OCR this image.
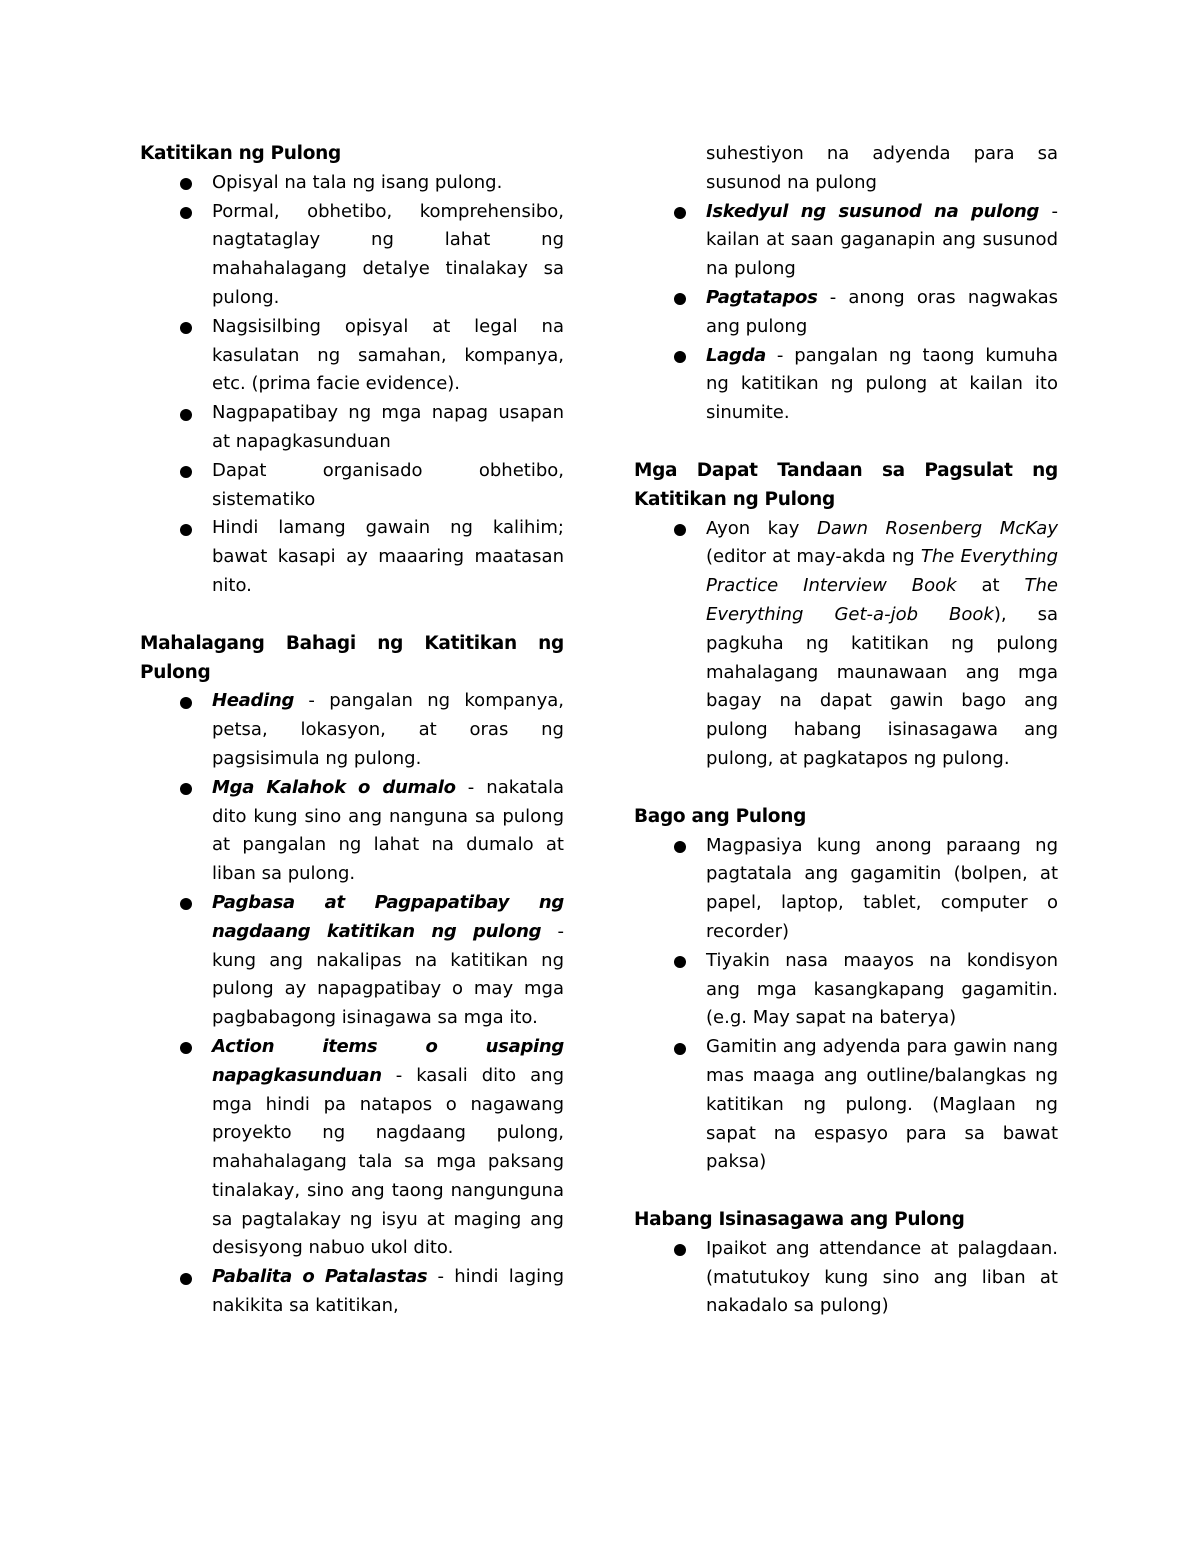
Katitikan ng Pulong
Opisyal na tala ng isang pulong.
Pormal, obhetibo, komprehensibo, nagtataglay ng lahat ng mahahalagang detalye tinalakay sa pulong.
Nagsisilbing opisyal at legal na kasulatan ng samahan, kompanya, etc. (prima facie evidence).
Nagpapatibay ng mga napag usapan at napagkasunduan
Dapat organisado obhetibo, sistematiko
Hindi lamang gawain ng kalihim; bawat kasapi ay maaaring maatasan nito.
Mahalagang Bahagi ng Katitikan ng Pulong
Heading - pangalan ng kompanya, petsa, lokasyon, at oras ng pagsisimula ng pulong.
Mga Kalahok o dumalo - nakatala dito kung sino ang nanguna sa pulong at pangalan ng lahat na dumalo at liban sa pulong.
Pagbasa at Pagpapatibay ng nagdaang katitikan ng pulong - kung ang nakalipas na katitikan ng pulong ay napagpatibay o may mga pagbabagong isinagawa sa mga ito.
Action items o usaping napagkasunduan - kasali dito ang mga hindi pa natapos o nagawang proyekto ng nagdaang pulong, mahahalagang tala sa mga paksang tinalakay, sino ang taong nangunguna sa pagtalakay ng isyu at maging ang desisyong nabuo ukol dito.
Pabalita o Patalastas - hindi laging nakikita sa katitikan,
suhestiyon na adyenda para sa susunod na pulong
Iskedyul ng susunod na pulong - kailan at saan gaganapin ang susunod na pulong
Pagtatapos - anong oras nagwakas ang pulong
Lagda - pangalan ng taong kumuha ng katitikan ng pulong at kailan ito sinumite.
Mga Dapat Tandaan sa Pagsulat ng Katitikan ng Pulong
Ayon kay Dawn Rosenberg McKay (editor at may-akda ng The Everything Practice Interview Book at The Everything Get-a-job Book), sa pagkuha ng katitikan ng pulong mahalagang maunawaan ang mga bagay na dapat gawin bago ang pulong habang isinasagawa ang pulong, at pagkatapos ng pulong.
Bago ang Pulong
Magpasiya kung anong paraang ng pagtatala ang gagamitin (bolpen, at papel, laptop, tablet, computer o recorder)
Tiyakin nasa maayos na kondisyon ang mga kasangkapang gagamitin. (e.g. May sapat na baterya)
Gamitin ang adyenda para gawin nang mas maaga ang outline/balangkas ng katitikan ng pulong. (Maglaan ng sapat na espasyo para sa bawat paksa)
Habang Isinasagawa ang Pulong
Ipaikot ang attendance at palagdaan. (matutukoy kung sino ang liban at nakadalo sa pulong)
